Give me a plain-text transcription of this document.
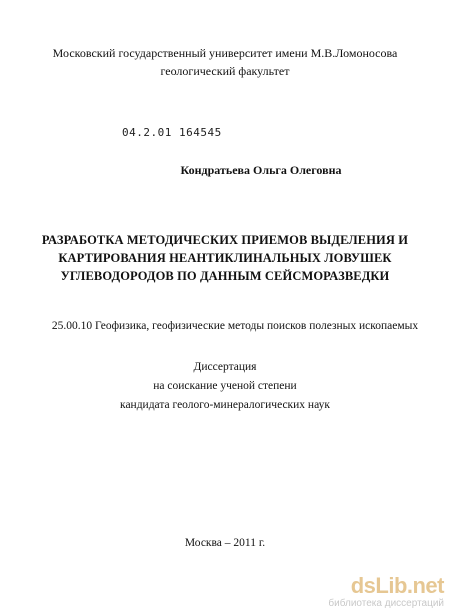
Московский государственный университет имени М.В.Ломоносова
геологический факультет
04.2.01 164545
Кондратьева Ольга Олеговна
РАЗРАБОТКА МЕТОДИЧЕСКИХ ПРИЕМОВ ВЫДЕЛЕНИЯ И
КАРТИРОВАНИЯ НЕАНТИКЛИНАЛЬНЫХ ЛОВУШЕК
УГЛЕВОДОРОДОВ ПО ДАННЫМ СЕЙСМОРАЗВЕДКИ
25.00.10 Геофизика, геофизические методы поисков полезных ископаемых
Диссертация
на соискание ученой степени
кандидата геолого-минералогических наук
Москва – 2011 г.
dsLib.net
библиотека диссертаций
